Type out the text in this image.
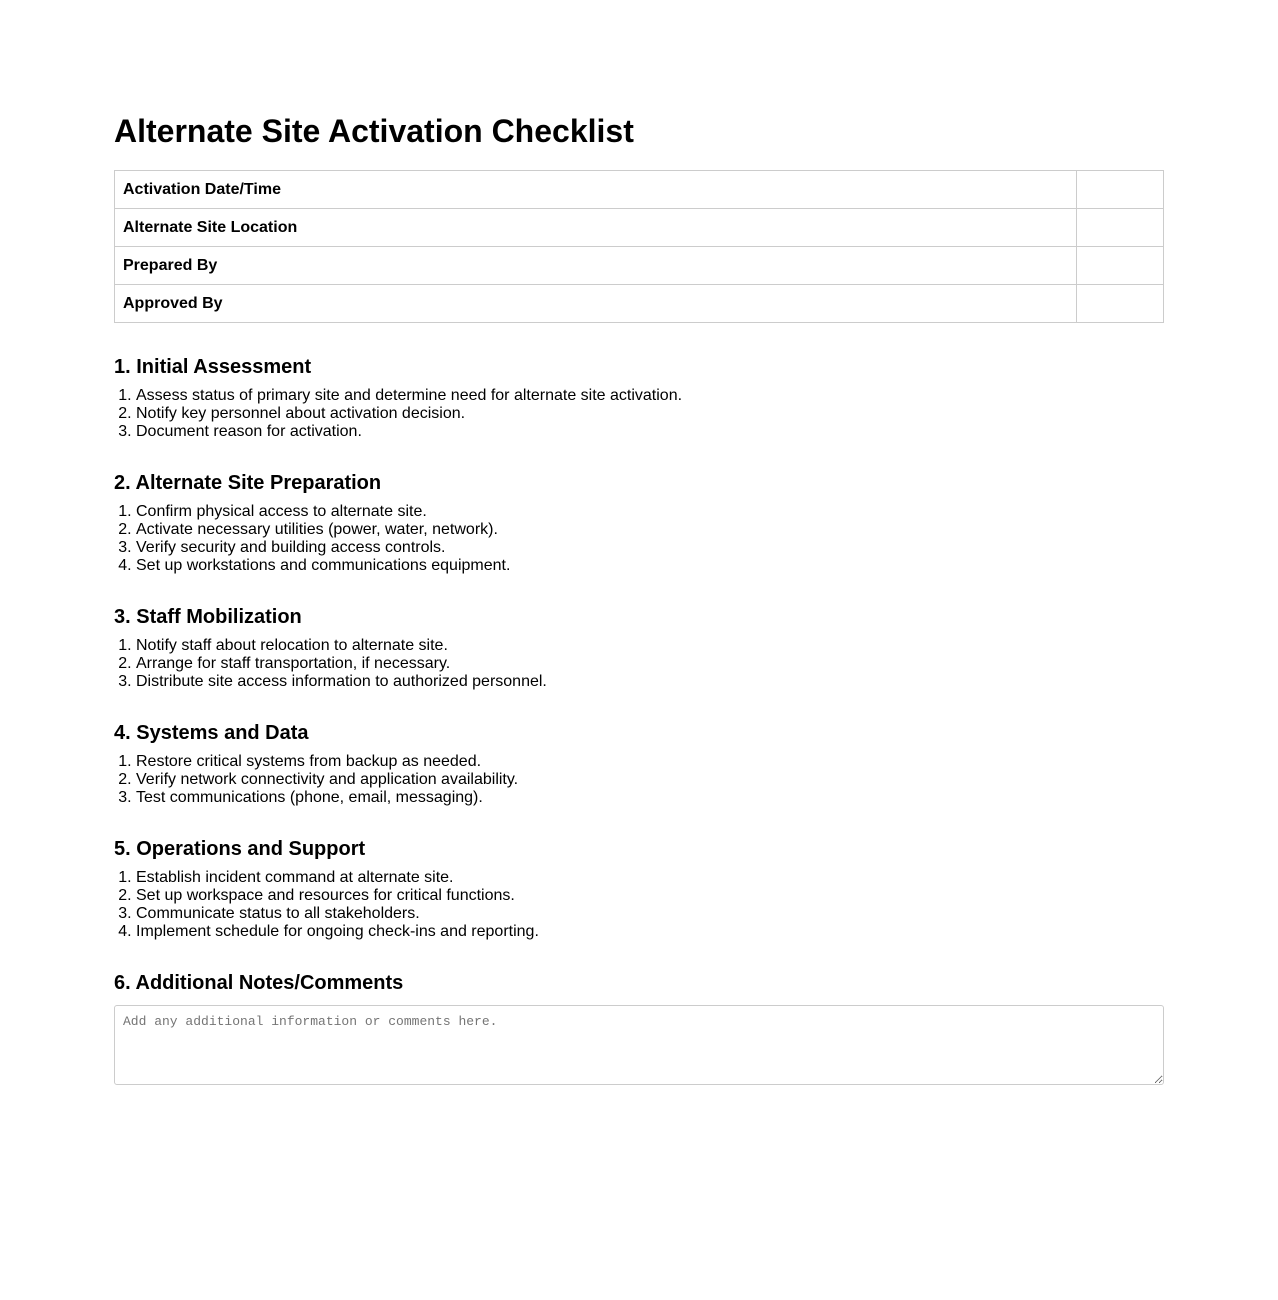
Alternate Site Activation Checklist
Activation Date/Time	
Alternate Site Location	
Prepared By	
Approved By	
1. Initial Assessment
1. Assess status of primary site and determine need for alternate site activation.
2. Notify key personnel about activation decision.
3. Document reason for activation.
2. Alternate Site Preparation
1. Confirm physical access to alternate site.
2. Activate necessary utilities (power, water, network).
3. Verify security and building access controls.
4. Set up workstations and communications equipment.
3. Staff Mobilization
1. Notify staff about relocation to alternate site.
2. Arrange for staff transportation, if necessary.
3. Distribute site access information to authorized personnel.
4. Systems and Data
1. Restore critical systems from backup as needed.
2. Verify network connectivity and application availability.
3. Test communications (phone, email, messaging).
5. Operations and Support
1. Establish incident command at alternate site.
2. Set up workspace and resources for critical functions.
3. Communicate status to all stakeholders.
4. Implement schedule for ongoing check-ins and reporting.
6. Additional Notes/Comments
Add any additional information or comments here.
